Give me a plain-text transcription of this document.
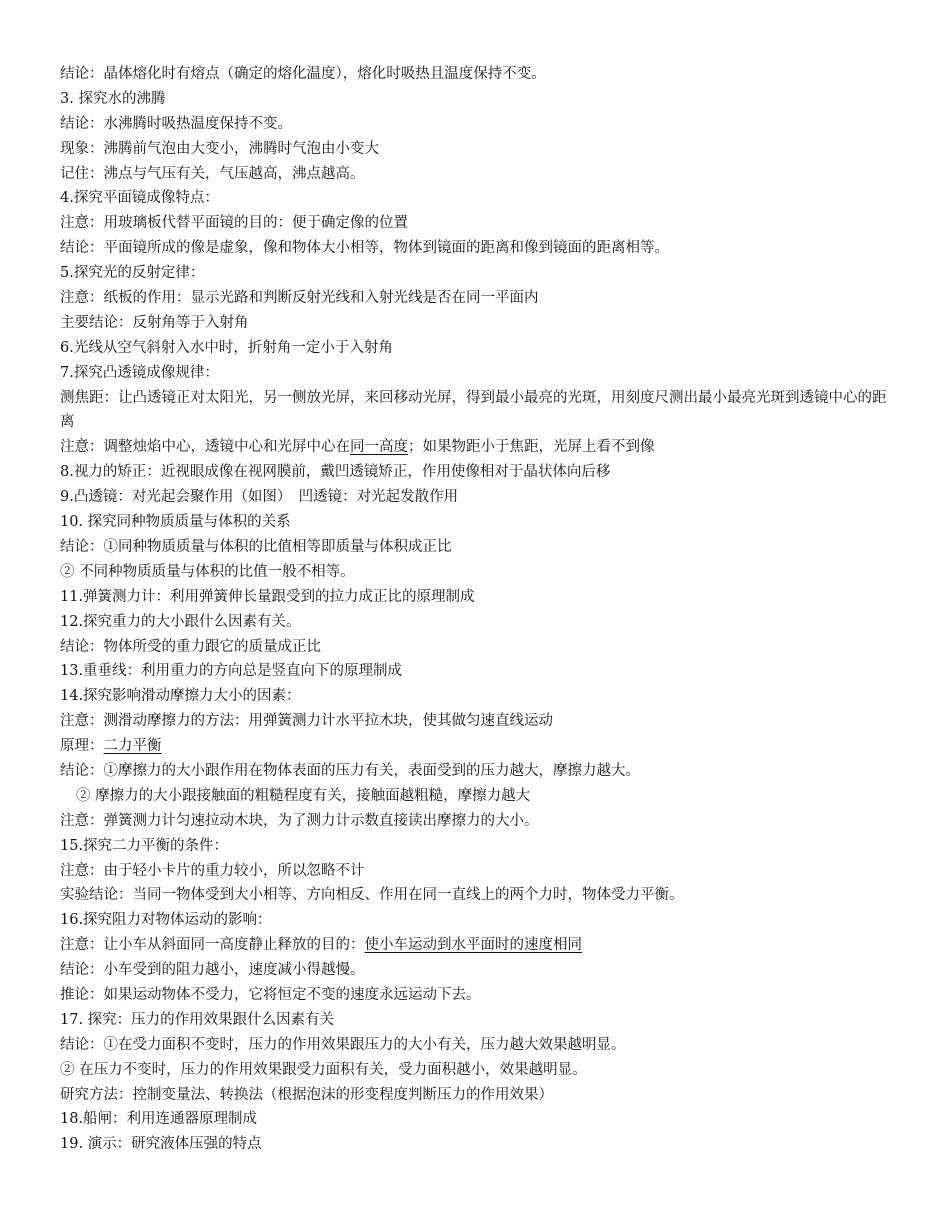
结论：晶体熔化时有熔点（确定的熔化温度），熔化时吸热且温度保持不变。
3. 探究水的沸腾
结论：水沸腾时吸热温度保持不变。
现象：沸腾前气泡由大变小，沸腾时气泡由小变大
记住：沸点与气压有关，气压越高，沸点越高。
4.探究平面镜成像特点：
注意：用玻璃板代替平面镜的目的：便于确定像的位置
结论：平面镜所成的像是虚象，像和物体大小相等，物体到镜面的距离和像到镜面的距离相等。
5.探究光的反射定律：
注意：纸板的作用：显示光路和判断反射光线和入射光线是否在同一平面内
主要结论：反射角等于入射角
6.光线从空气斜射入水中时，折射角一定小于入射角
7.探究凸透镜成像规律：
测焦距：让凸透镜正对太阳光，另一侧放光屏，来回移动光屏，得到最小最亮的光斑，用刻度尺测出最小最亮光斑到透镜中心的距离
注意：调整烛焰中心，透镜中心和光屏中心在同一高度；如果物距小于焦距，光屏上看不到像
8.视力的矫正：近视眼成像在视网膜前，戴凹透镜矫正，作用使像相对于晶状体向后移
9.凸透镜：对光起会聚作用（如图）　凹透镜：对光起发散作用
10. 探究同种物质质量与体积的关系
结论：①同种物质质量与体积的比值相等即质量与体积成正比
② 不同种物质质量与体积的比值一般不相等。
11.弹簧测力计：利用弹簧伸长量跟受到的拉力成正比的原理制成
12.探究重力的大小跟什么因素有关。
结论：物体所受的重力跟它的质量成正比
13.重垂线：利用重力的方向总是竖直向下的原理制成
14.探究影响滑动摩擦力大小的因素：
注意：测滑动摩擦力的方法：用弹簧测力计水平拉木块，使其做匀速直线运动
原理：二力平衡
结论：①摩擦力的大小跟作用在物体表面的压力有关，表面受到的压力越大，摩擦力越大。
② 摩擦力的大小跟接触面的粗糙程度有关，接触面越粗糙，摩擦力越大
注意：弹簧测力计匀速拉动木块，为了测力计示数直接读出摩擦力的大小。
15.探究二力平衡的条件：
注意：由于轻小卡片的重力较小，所以忽略不计
实验结论：当同一物体受到大小相等、方向相反、作用在同一直线上的两个力时，物体受力平衡。
16.探究阻力对物体运动的影响：
注意：让小车从斜面同一高度静止释放的目的：使小车运动到水平面时的速度相同
结论：小车受到的阻力越小，速度减小得越慢。
推论：如果运动物体不受力，它将恒定不变的速度永远运动下去。
17. 探究：压力的作用效果跟什么因素有关
结论：①在受力面积不变时，压力的作用效果跟压力的大小有关，压力越大效果越明显。
② 在压力不变时，压力的作用效果跟受力面积有关，受力面积越小，效果越明显。
研究方法：控制变量法、转换法（根据泡沫的形变程度判断压力的作用效果）
18.船闸：利用连通器原理制成
19. 演示：研究液体压强的特点
